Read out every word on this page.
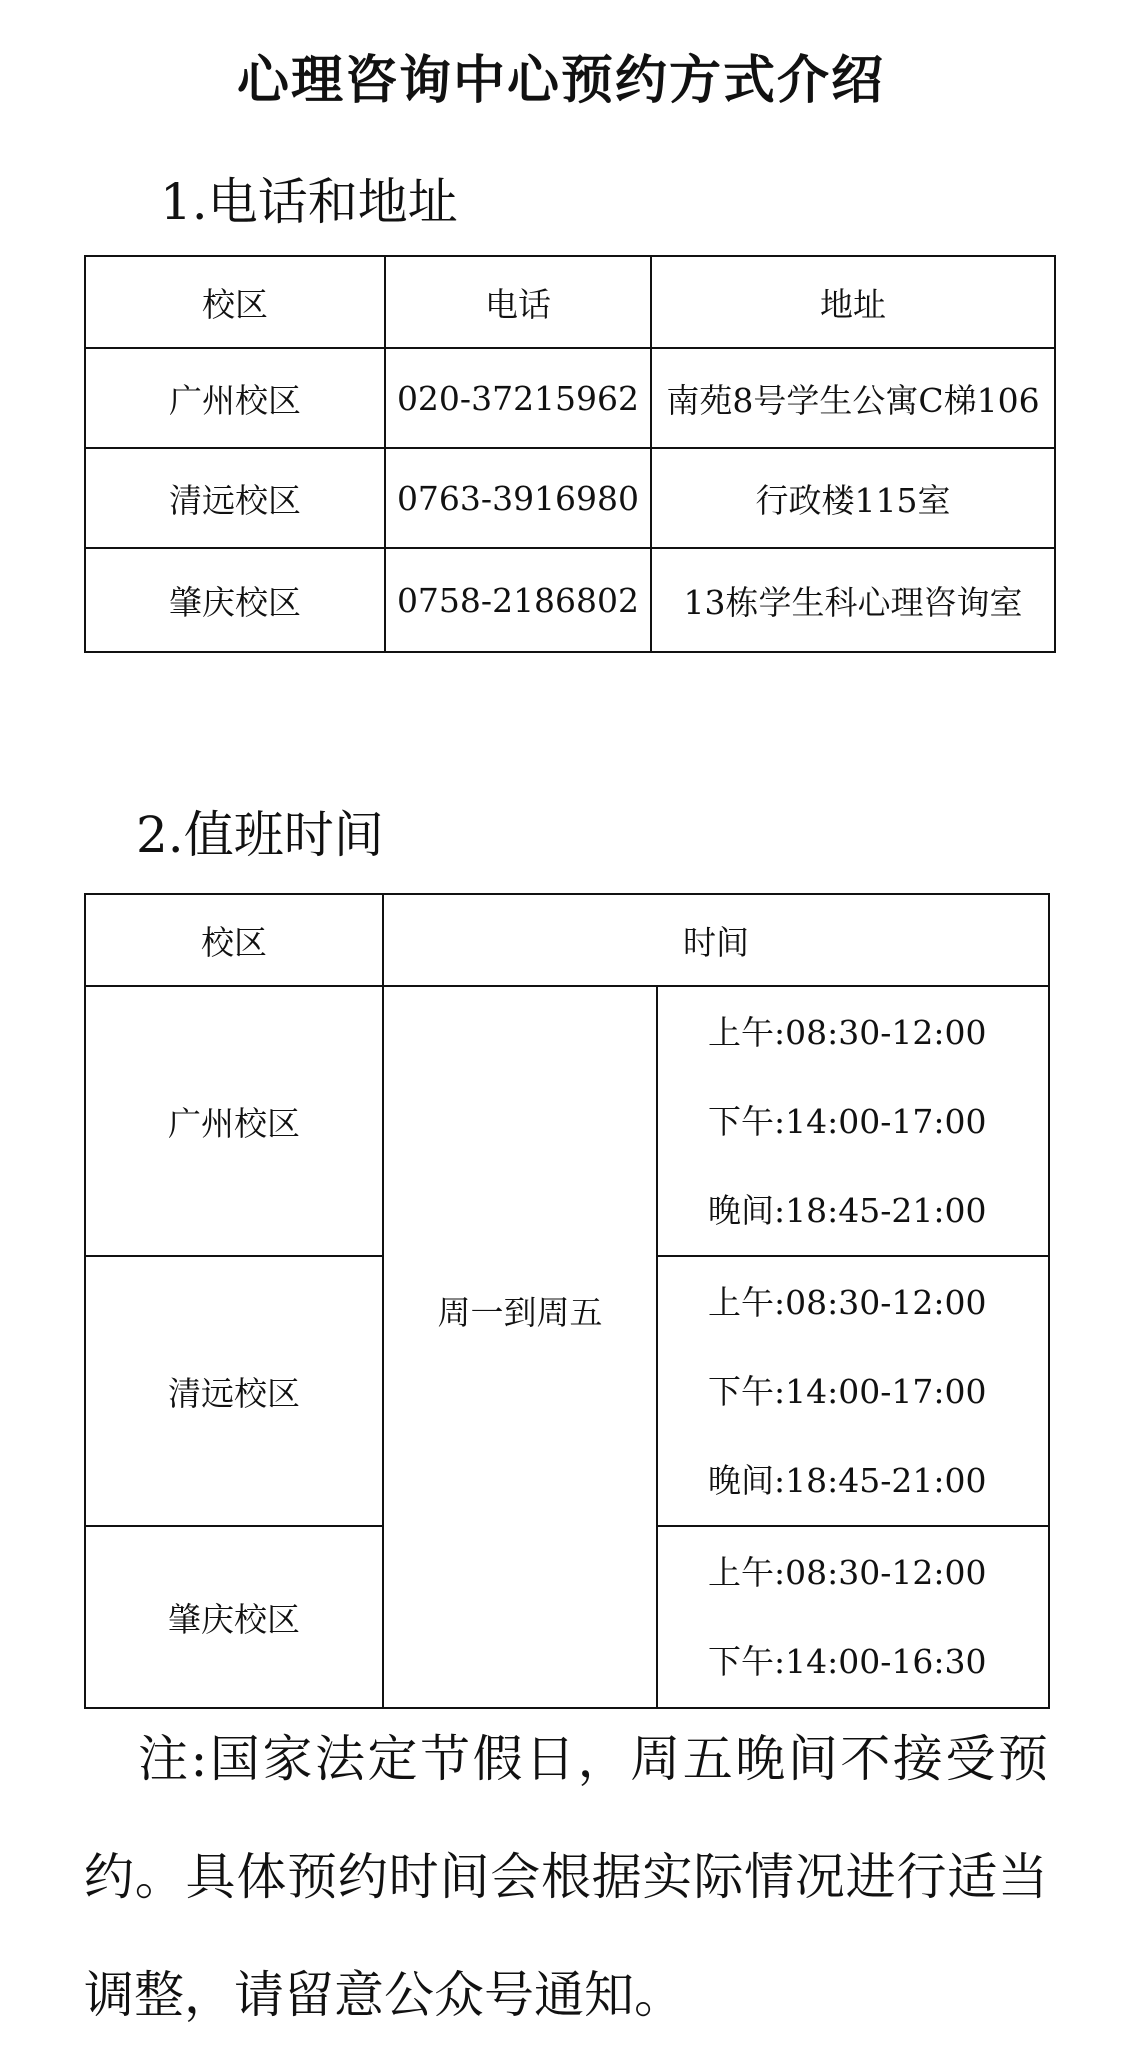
心理咨询中心预约方式介绍
1.电话和地址
校区	电话	地址
广州校区	020-37215962	南苑8号学生公寓C梯106
清远校区	0763-3916980	行政楼115室
肇庆校区	0758-2186802	13栋学生科心理咨询室
2.值班时间
校区	时间	
广州校区	周一到周五	上午:08:30-12:00
下午:14:00-17:00
晚间:18:45-21:00

清远校区		上午:08:30-12:00
下午:14:00-17:00
晚间:18:45-21:00

肇庆校区		上午:08:30-12:00
下午:14:00-16:30
注:国家法定节假日，周五晚间不接受预约。具体预约时间会根据实际情况进行适当调整，请留意公众号通知。
